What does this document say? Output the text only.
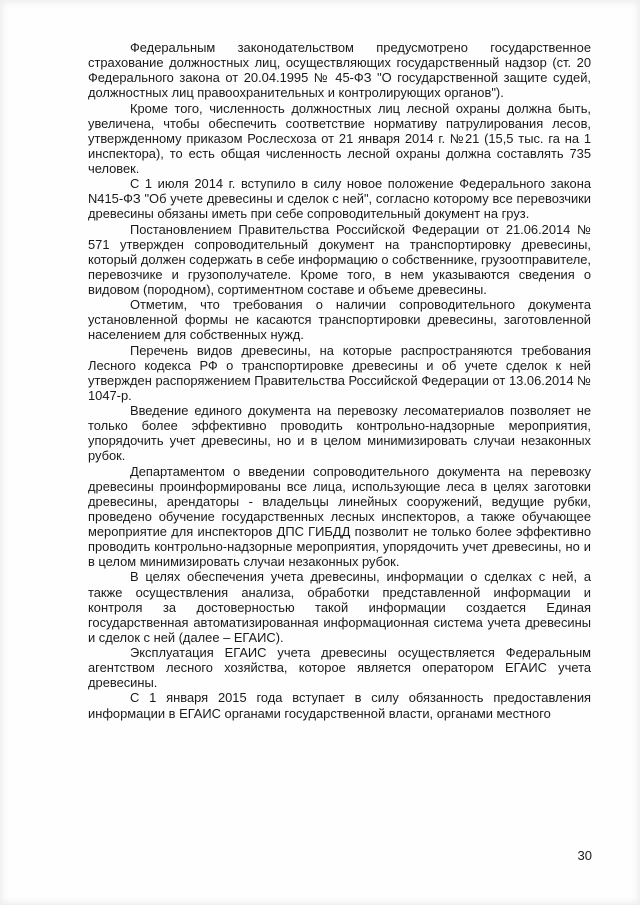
Федеральным законодательством предусмотрено государственное страхование должностных лиц, осуществляющих государственный надзор (ст. 20 Федерального закона от 20.04.1995 № 45-ФЗ "О государственной защите судей, должностных лиц правоохранительных и контролирующих органов").

Кроме того, численность должностных лиц лесной охраны должна быть, увеличена, чтобы обеспечить соответствие нормативу патрулирования лесов, утвержденному приказом Рослесхоза от 21 января 2014 г. №21 (15,5 тыс. га на 1 инспектора), то есть общая численность лесной охраны должна составлять 735 человек.

С 1 июля 2014 г. вступило в силу новое положение Федерального закона N415-ФЗ "Об учете древесины и сделок с ней", согласно которому все перевозчики древесины обязаны иметь при себе сопроводительный документ на груз.

Постановлением Правительства Российской Федерации от 21.06.2014 № 571 утвержден сопроводительный документ на транспортировку древесины, который должен содержать в себе информацию о собственнике, грузоотправителе, перевозчике и грузополучателе. Кроме того, в нем указываются сведения о видовом (породном), сортиментном составе и объеме древесины.

Отметим, что требования о наличии сопроводительного документа установленной формы не касаются транспортировки древесины, заготовленной населением для собственных нужд.

Перечень видов древесины, на которые распространяются требования Лесного кодекса РФ о транспортировке древесины и об учете сделок к ней утвержден распоряжением Правительства Российской Федерации от 13.06.2014 № 1047-р.

Введение единого документа на перевозку лесоматериалов позволяет не только более эффективно проводить контрольно-надзорные мероприятия, упорядочить учет древесины, но и в целом минимизировать случаи незаконных рубок.

Департаментом о введении сопроводительного документа на перевозку древесины проинформированы все лица, использующие леса в целях заготовки древесины, арендаторы - владельцы линейных сооружений, ведущие рубки, проведено обучение государственных лесных инспекторов, а также обучающее мероприятие для инспекторов ДПС ГИБДД позволит не только более эффективно проводить контрольно-надзорные мероприятия, упорядочить учет древесины, но и в целом минимизировать случаи незаконных рубок.

В целях обеспечения учета древесины, информации о сделках с ней, а также осуществления анализа, обработки представленной информации и контроля за достоверностью такой информации создается Единая государственная автоматизированная информационная система учета древесины и сделок с ней (далее – ЕГАИС).

Эксплуатация ЕГАИС учета древесины осуществляется Федеральным агентством лесного хозяйства, которое является оператором ЕГАИС учета древесины.

С 1 января 2015 года вступает в силу обязанность предоставления информации в ЕГАИС органами государственной власти, органами местного

30
